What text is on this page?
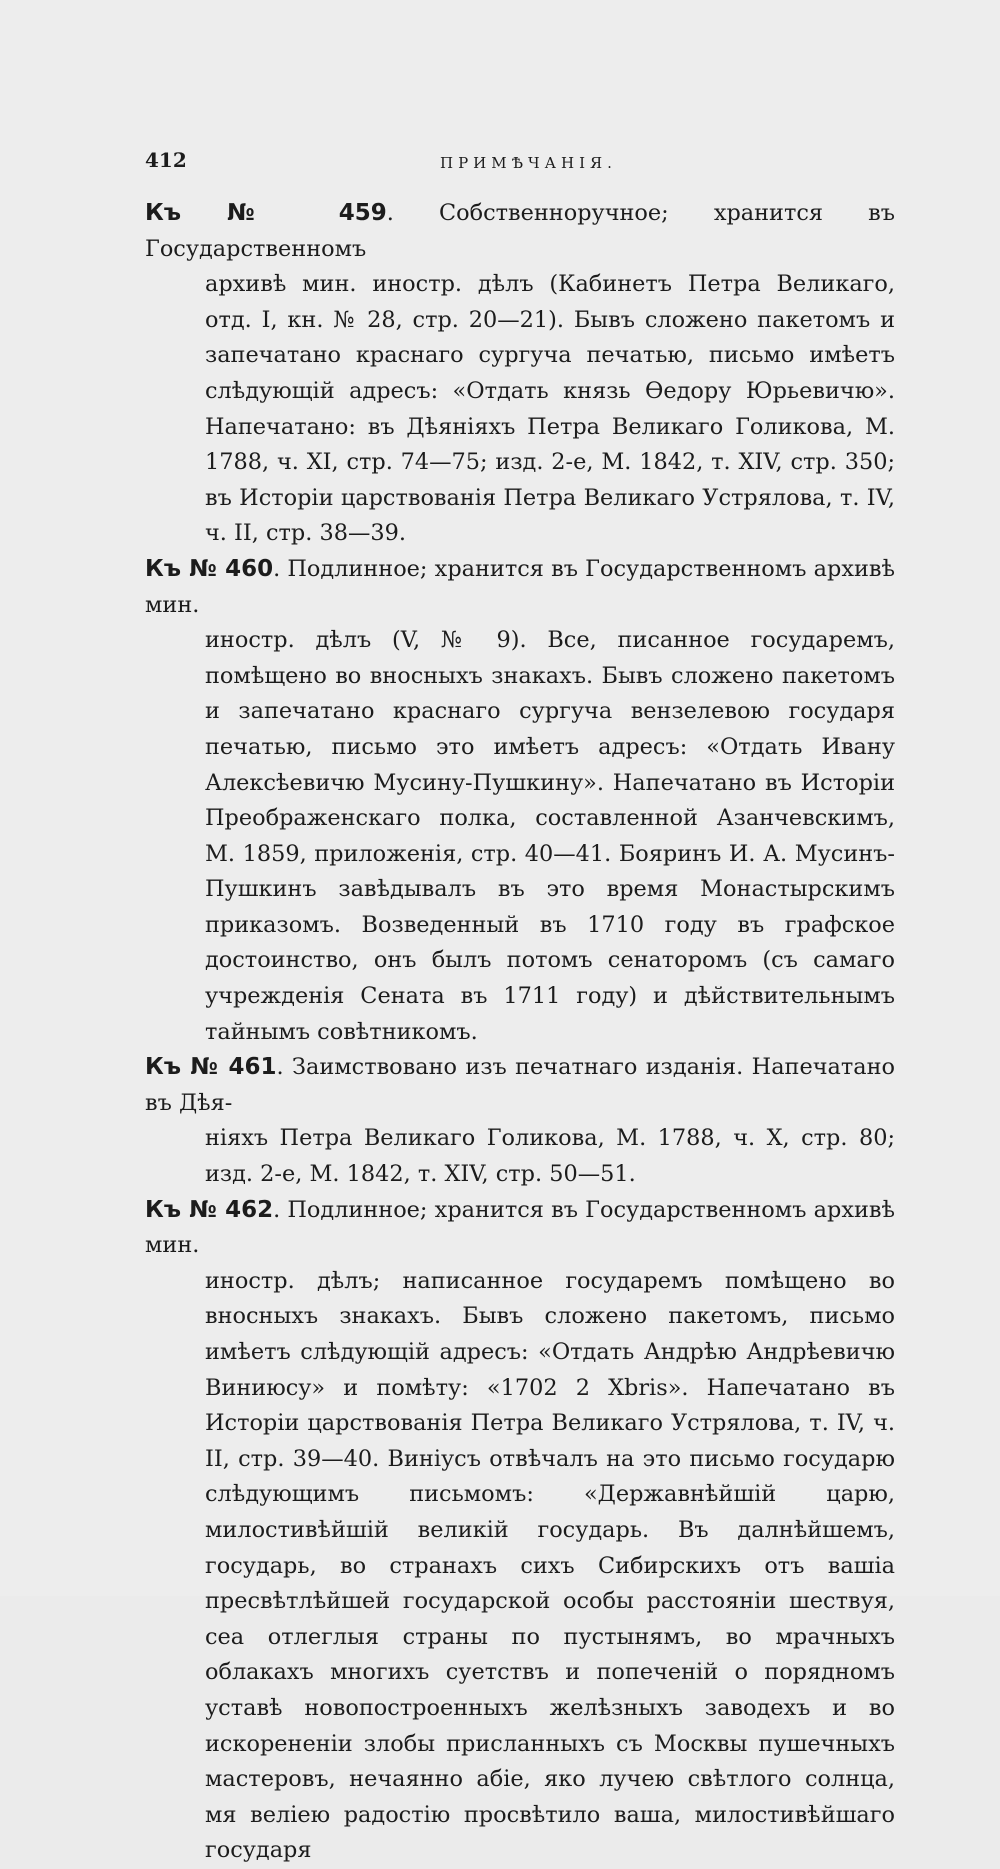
412	ПРИМѢЧАНІЯ.

Къ № 459. Собственноручное; хранится въ Государственномъ
архивѣ мин. иностр. дѣлъ (Кабинетъ Петра Великаго, отд. I, кн. № 28, стр. 20—21). Бывъ сложено пакетомъ и запечатано краснаго сургуча печатью, письмо имѣетъ слѣдующій адресъ: «Отдать князь Ѳедору Юрьевичю». Напечатано: въ Дѣяніяхъ Петра Великаго Голикова, М. 1788, ч. XI, стр. 74—75; изд. 2-е, М. 1842, т. XIV, стр. 350; въ Исторіи царствованія Петра Великаго Устрялова, т. IV, ч. II, стр. 38—39.

Къ № 460. Подлинное; хранится въ Государственномъ архивѣ мин.
иностр. дѣлъ (V, № 9). Все, писанное государемъ, помѣщено во вносныхъ знакахъ. Бывъ сложено пакетомъ и запечатано краснаго сургуча вензелевою государя печатью, письмо это имѣетъ адресъ: «Отдать Ивану Алексѣевичю Мусину-Пушкину». Напечатано въ Исторіи Преображенскаго полка, составленной Азанчевскимъ, М. 1859, приложенія, стр. 40—41. Бояринъ И. А. Мусинъ-Пушкинъ завѣдывалъ въ это время Монастырскимъ приказомъ. Возведенный въ 1710 году въ графское достоинство, онъ былъ потомъ сенаторомъ (съ самаго учрежденія Сената въ 1711 году) и дѣйствительнымъ тайнымъ совѣтникомъ.

Къ № 461. Заимствовано изъ печатнаго изданія. Напечатано въ Дѣя-
ніяхъ Петра Великаго Голикова, М. 1788, ч. X, стр. 80; изд. 2-е, М. 1842, т. XIV, стр. 50—51.

Къ № 462. Подлинное; хранится въ Государственномъ архивѣ мин.
иностр. дѣлъ; написанное государемъ помѣщено во вносныхъ знакахъ. Бывъ сложено пакетомъ, письмо имѣетъ слѣдующій адресъ: «Отдать Андрѣю Андрѣевичю Виниюсу» и помѣту: «1702 2 Xbris». Напечатано въ Исторіи царствованія Петра Великаго Устрялова, т. IV, ч. II, стр. 39—40. Виніусъ отвѣчалъ на это письмо государю слѣдующимъ письмомъ: «Державнѣйшій царю, милостивѣйшій великій государь. Въ далнѣйшемъ, государь, во странахъ сихъ Сибирскихъ отъ вашіа пресвѣтлѣйшей государской особы расстояніи шествуя, сеа отлеглыя страны по пустынямъ, во мрачныхъ облакахъ многихъ суетствъ и попеченій о порядномъ уставѣ новопостроенныхъ желѣзныхъ заводехъ и во искорененіи злобы присланныхъ съ Москвы пушечныхъ мастеровъ, нечаянно абіе, яко лучею свѣтлого солнца, мя веліею радостію просвѣтило ваша, милостивѣйшаго государя
